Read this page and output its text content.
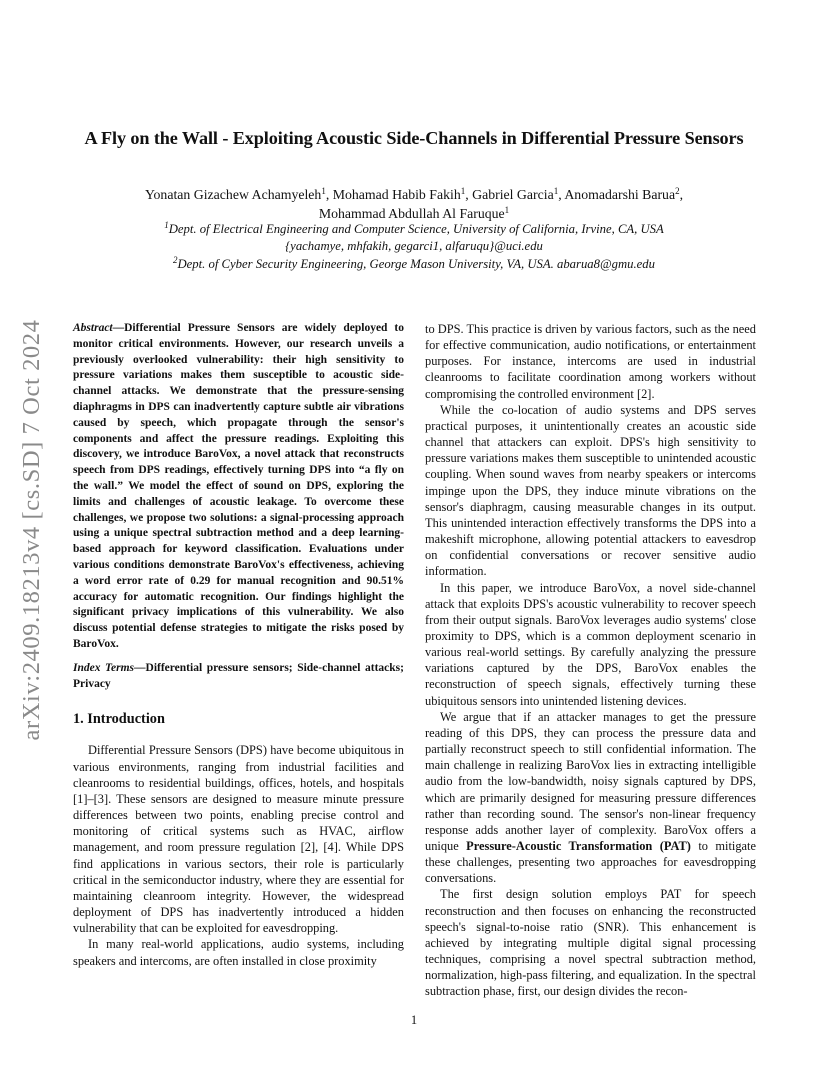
arXiv:2409.18213v4 [cs.SD] 7 Oct 2024
A Fly on the Wall - Exploiting Acoustic Side-Channels in Differential Pressure Sensors
Yonatan Gizachew Achamyeleh$^1$, Mohamad Habib Fakih$^1$, Gabriel Garcia$^1$, Anomadarshi Barua$^2$,
Mohammad Abdullah Al Faruque$^1$
$^1$Dept. of Electrical Engineering and Computer Science, University of California, Irvine, CA, USA
{yachamye, mhfakih, gegarci1, alfaruqu}@uci.edu
$^2$Dept. of Cyber Security Engineering, George Mason University, VA, USA. abarua8@gmu.edu

Abstract—Differential Pressure Sensors are widely deployed to monitor critical environments. However, our research unveils a previously overlooked vulnerability: their high sensitivity to pressure variations makes them susceptible to acoustic side-channel attacks. We demonstrate that the pressure-sensing diaphragms in DPS can inadvertently capture subtle air vibrations caused by speech, which propagate through the sensor's components and affect the pressure readings. Exploiting this discovery, we introduce BaroVox, a novel attack that reconstructs speech from DPS readings, effectively turning DPS into “a fly on the wall.” We model the effect of sound on DPS, exploring the limits and challenges of acoustic leakage. To overcome these challenges, we propose two solutions: a signal-processing approach using a unique spectral subtraction method and a deep learning-based approach for keyword classification. Evaluations under various conditions demonstrate BaroVox's effectiveness, achieving a word error rate of 0.29 for manual recognition and 90.51% accuracy for automatic recognition. Our findings highlight the significant privacy implications of this vulnerability. We also discuss potential defense strategies to mitigate the risks posed by BaroVox.

Index Terms—Differential pressure sensors; Side-channel attacks; Privacy

1. Introduction

Differential Pressure Sensors (DPS) have become ubiquitous in various environments, ranging from industrial facilities and cleanrooms to residential buildings, offices, hotels, and hospitals [1]–[3]. These sensors are designed to measure minute pressure differences between two points, enabling precise control and monitoring of critical systems such as HVAC, airflow management, and room pressure regulation [2], [4]. While DPS find applications in various sectors, their role is particularly critical in the semiconductor industry, where they are essential for maintaining cleanroom integrity. However, the widespread deployment of DPS has inadvertently introduced a hidden vulnerability that can be exploited for eavesdropping.

In many real-world applications, audio systems, including speakers and intercoms, are often installed in close proximity

to DPS. This practice is driven by various factors, such as the need for effective communication, audio notifications, or entertainment purposes. For instance, intercoms are used in industrial cleanrooms to facilitate coordination among workers without compromising the controlled environment [2].

While the co-location of audio systems and DPS serves practical purposes, it unintentionally creates an acoustic side channel that attackers can exploit. DPS's high sensitivity to pressure variations makes them susceptible to unintended acoustic coupling. When sound waves from nearby speakers or intercoms impinge upon the DPS, they induce minute vibrations on the sensor's diaphragm, causing measurable changes in its output. This unintended interaction effectively transforms the DPS into a makeshift microphone, allowing potential attackers to eavesdrop on confidential conversations or recover sensitive audio information.

In this paper, we introduce BaroVox, a novel side-channel attack that exploits DPS's acoustic vulnerability to recover speech from their output signals. BaroVox leverages audio systems' close proximity to DPS, which is a common deployment scenario in various real-world settings. By carefully analyzing the pressure variations captured by the DPS, BaroVox enables the reconstruction of speech signals, effectively turning these ubiquitous sensors into unintended listening devices.

We argue that if an attacker manages to get the pressure reading of this DPS, they can process the pressure data and partially reconstruct speech to still confidential information. The main challenge in realizing BaroVox lies in extracting intelligible audio from the low-bandwidth, noisy signals captured by DPS, which are primarily designed for measuring pressure differences rather than recording sound. The sensor's non-linear frequency response adds another layer of complexity. BaroVox offers a unique Pressure-Acoustic Transformation (PAT) to mitigate these challenges, presenting two approaches for eavesdropping conversations.

The first design solution employs PAT for speech reconstruction and then focuses on enhancing the reconstructed speech's signal-to-noise ratio (SNR). This enhancement is achieved by integrating multiple digital signal processing techniques, comprising a novel spectral subtraction method, normalization, high-pass filtering, and equalization. In the spectral subtraction phase, first, our design divides the recon-

1
